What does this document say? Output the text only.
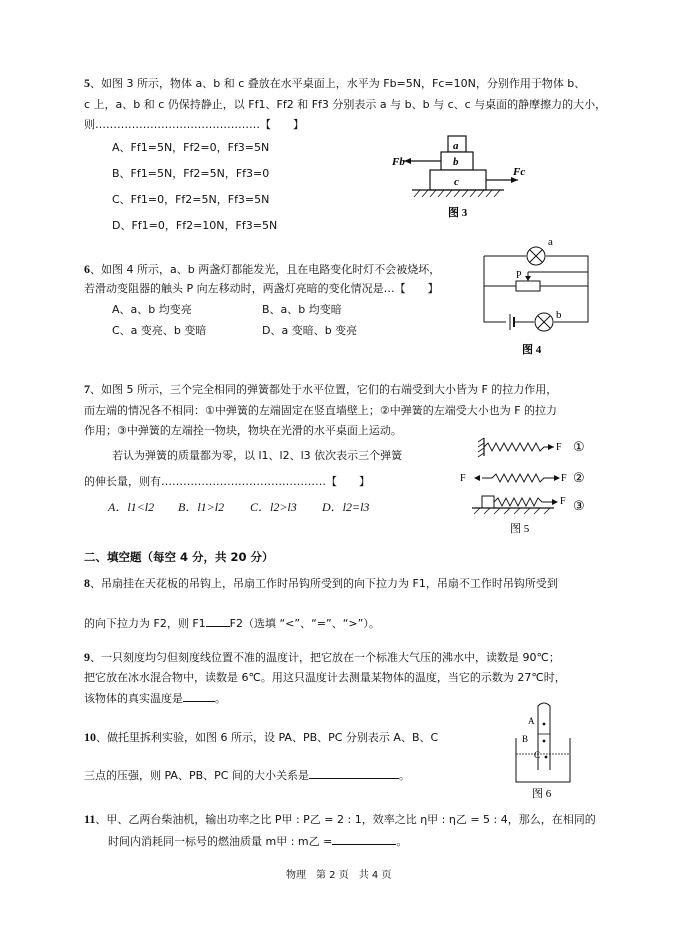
5、如图 3 所示，物体 a、b 和 c 叠放在水平桌面上，水平为 Fb=5N，Fc=10N，分别作用于物体 b、
c 上，a、b 和 c 仍保持静止，以 Ff1、Ff2 和 Ff3 分别表示 a 与 b、b 与 c、c 与桌面的静摩擦力的大小，
则………………………………………【　　】
A、Ff1=5N，Ff2=0，Ff3=5N
B、Ff1=5N，Ff2=5N，Ff3=0
C、Ff1=0，Ff2=5N，Ff3=5N
D、Ff1=0，Ff2=10N，Ff3=5N
a
b
c
Fb
Fc
图 3
6、如图 4 所示，a、b 两盏灯都能发光，且在电路变化时灯不会被烧坏，
若滑动变阻器的触头 P 向左移动时，两盏灯亮暗的变化情况是…【　　】
A、a、b 均变亮	B、a、b 均变暗
C、a 变亮、b 变暗	D、a 变暗、b 变亮
a
P
b
图 4
7、如图 5 所示，三个完全相同的弹簧都处于水平位置，它们的右端受到大小皆为 F 的拉力作用，
而左端的情况各不相同：①中弹簧的左端固定在竖直墙壁上；②中弹簧的左端受大小也为 F 的拉力
作用；③中弹簧的左端拴一物块，物块在光滑的水平桌面上运动。
若认为弹簧的质量都为零，以 l1、l2、l3 依次表示三个弹簧
的伸长量，则有………………………………………【　　】
A．l1<l2 B．l1>l2 C．l2>l3 D．l2=l3
F ①
F	F ②
F ③
图 5
二、填空题（每空 4 分，共 20 分）
8、吊扇挂在天花板的吊钩上，吊扇工作时吊钩所受到的向下拉力为 F1，吊扇不工作时吊钩所受到
的向下拉力为 F2，则 F1 F2（选填 “<”、“=”、“>”）。
9、一只刻度均匀但刻度线位置不准的温度计，把它放在一个标准大气压的沸水中，读数是 90℃；
把它放在冰水混合物中，读数是 6℃。用这只温度计去测量某物体的温度，当它的示数为 27℃时，
该物体的真实温度是	。
10、做托里拆利实验，如图 6 所示，设 PA、PB、PC 分别表示 A、B、C
三点的压强，则 PA、PB、PC 间的大小关系是	。
A
B
C
图 6
11、甲、乙两台柴油机，输出功率之比 P甲 : P乙 = 2 : 1，效率之比 η甲 : η乙 = 5 : 4，那么，在相同的
时间内消耗同一标号的燃油质量 m甲 : m乙 =	。
物理　第 2 页　共 4 页
